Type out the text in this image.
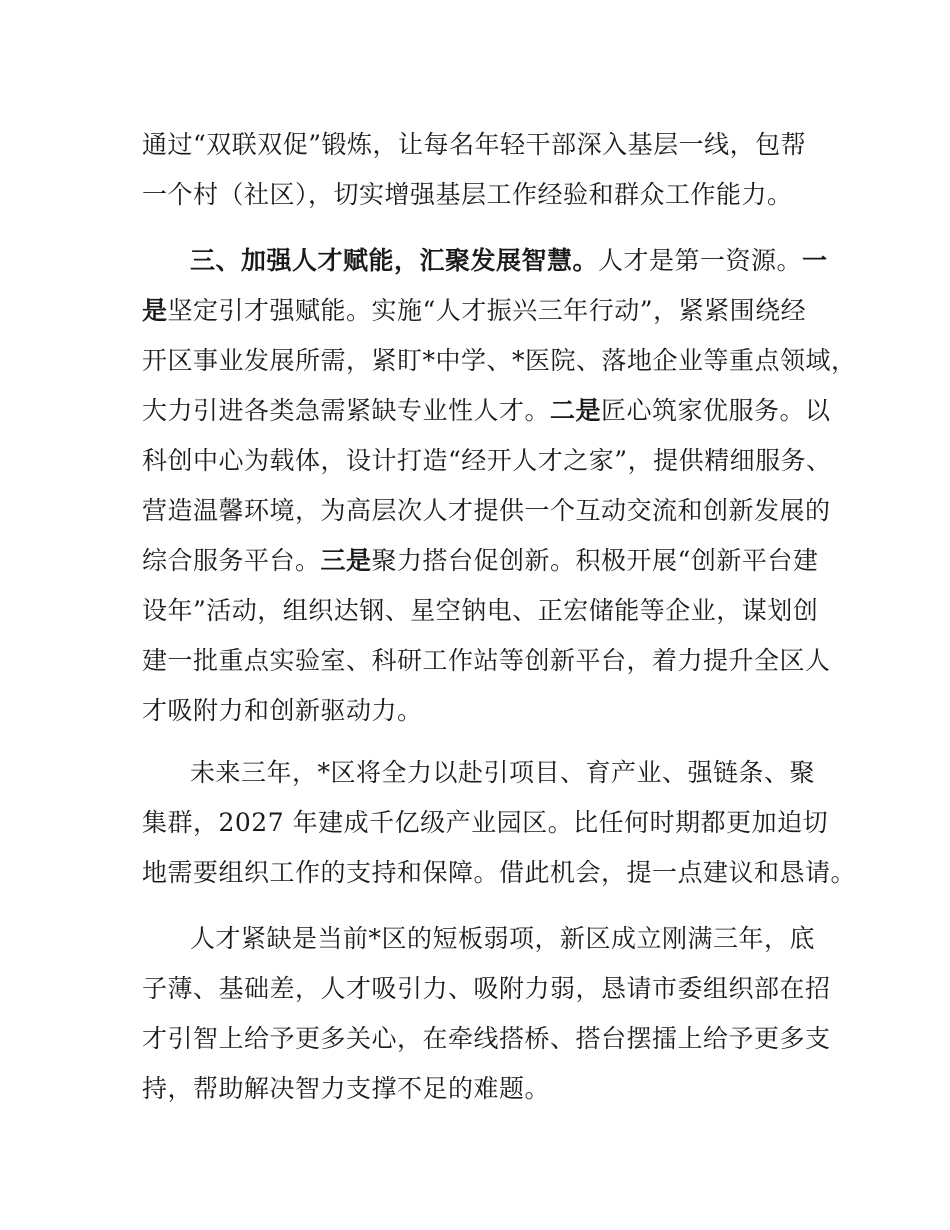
通过“双联双促”锻炼，让每名年轻干部深入基层一线，包帮
一个村（社区），切实增强基层工作经验和群众工作能力。
三、加强人才赋能，汇聚发展智慧。人才是第一资源。一
是坚定引才强赋能。实施“人才振兴三年行动”，紧紧围绕经
开区事业发展所需，紧盯*中学、*医院、落地企业等重点领域，
大力引进各类急需紧缺专业性人才。二是匠心筑家优服务。以
科创中心为载体，设计打造“经开人才之家”，提供精细服务、
营造温馨环境，为高层次人才提供一个互动交流和创新发展的
综合服务平台。三是聚力搭台促创新。积极开展“创新平台建
设年”活动，组织达钢、星空钠电、正宏储能等企业，谋划创
建一批重点实验室、科研工作站等创新平台，着力提升全区人
才吸附力和创新驱动力。
未来三年，*区将全力以赴引项目、育产业、强链条、聚
集群，2027 年建成千亿级产业园区。比任何时期都更加迫切
地需要组织工作的支持和保障。借此机会，提一点建议和恳请。
人才紧缺是当前*区的短板弱项，新区成立刚满三年，底
子薄、基础差，人才吸引力、吸附力弱，恳请市委组织部在招
才引智上给予更多关心，在牵线搭桥、搭台摆擂上给予更多支
持，帮助解决智力支撑不足的难题。
